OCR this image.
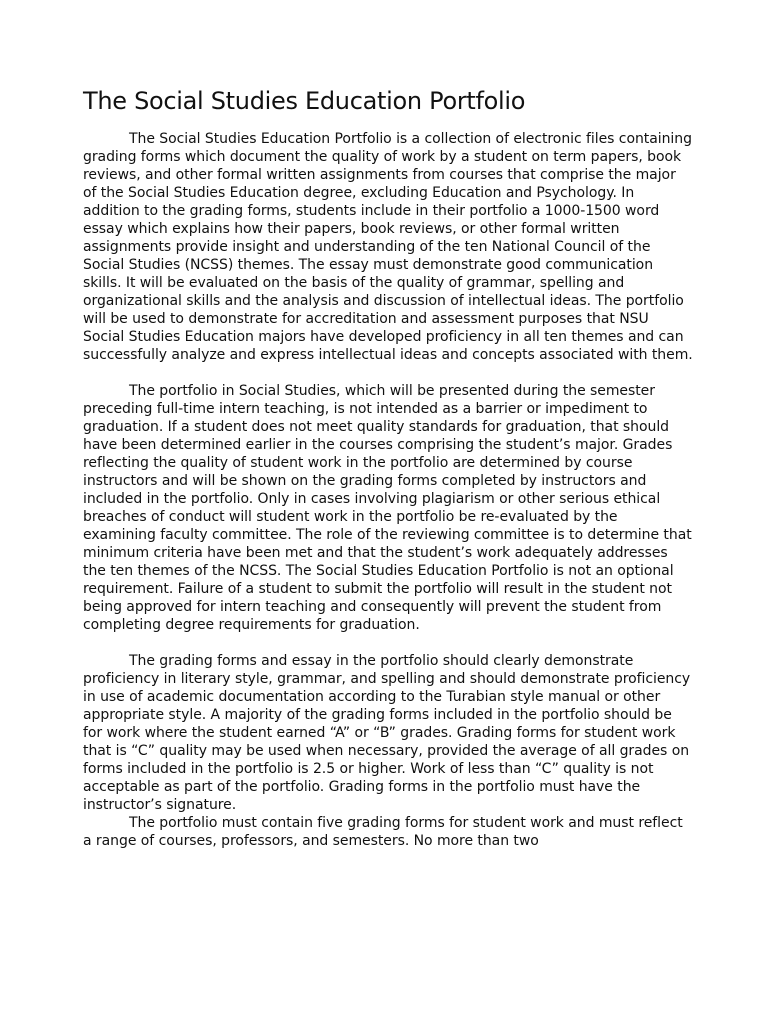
The Social Studies Education Portfolio

The Social Studies Education Portfolio is a collection of electronic files containing grading forms which document the quality of work by a student on term papers, book reviews, and other formal written assignments from courses that comprise the major of the Social Studies Education degree, excluding Education and Psychology. In addition to the grading forms, students include in their portfolio a 1000-1500 word essay which explains how their papers, book reviews, or other formal written assignments provide insight and understanding of the ten National Council of the Social Studies (NCSS) themes. The essay must demonstrate good communication skills. It will be evaluated on the basis of the quality of grammar, spelling and organizational skills and the analysis and discussion of intellectual ideas. The portfolio will be used to demonstrate for accreditation and assessment purposes that NSU Social Studies Education majors have developed proficiency in all ten themes and can successfully analyze and express intellectual ideas and concepts associated with them.

The portfolio in Social Studies, which will be presented during the semester preceding full-time intern teaching, is not intended as a barrier or impediment to graduation. If a student does not meet quality standards for graduation, that should have been determined earlier in the courses comprising the student’s major. Grades reflecting the quality of student work in the portfolio are determined by course instructors and will be shown on the grading forms completed by instructors and included in the portfolio. Only in cases involving plagiarism or other serious ethical breaches of conduct will student work in the portfolio be re-evaluated by the examining faculty committee. The role of the reviewing committee is to determine that minimum criteria have been met and that the student’s work adequately addresses the ten themes of the NCSS. The Social Studies Education Portfolio is not an optional requirement. Failure of a student to submit the portfolio will result in the student not being approved for intern teaching and consequently will prevent the student from completing degree requirements for graduation.

The grading forms and essay in the portfolio should clearly demonstrate proficiency in literary style, grammar, and spelling and should demonstrate proficiency in use of academic documentation according to the Turabian style manual or other appropriate style. A majority of the grading forms included in the portfolio should be for work where the student earned “A” or “B” grades. Grading forms for student work that is “C” quality may be used when necessary, provided the average of all grades on forms included in the portfolio is 2.5 or higher. Work of less than “C” quality is not acceptable as part of the portfolio. Grading forms in the portfolio must have the instructor’s signature.

The portfolio must contain five grading forms for student work and must reflect a range of courses, professors, and semesters. No more than two
